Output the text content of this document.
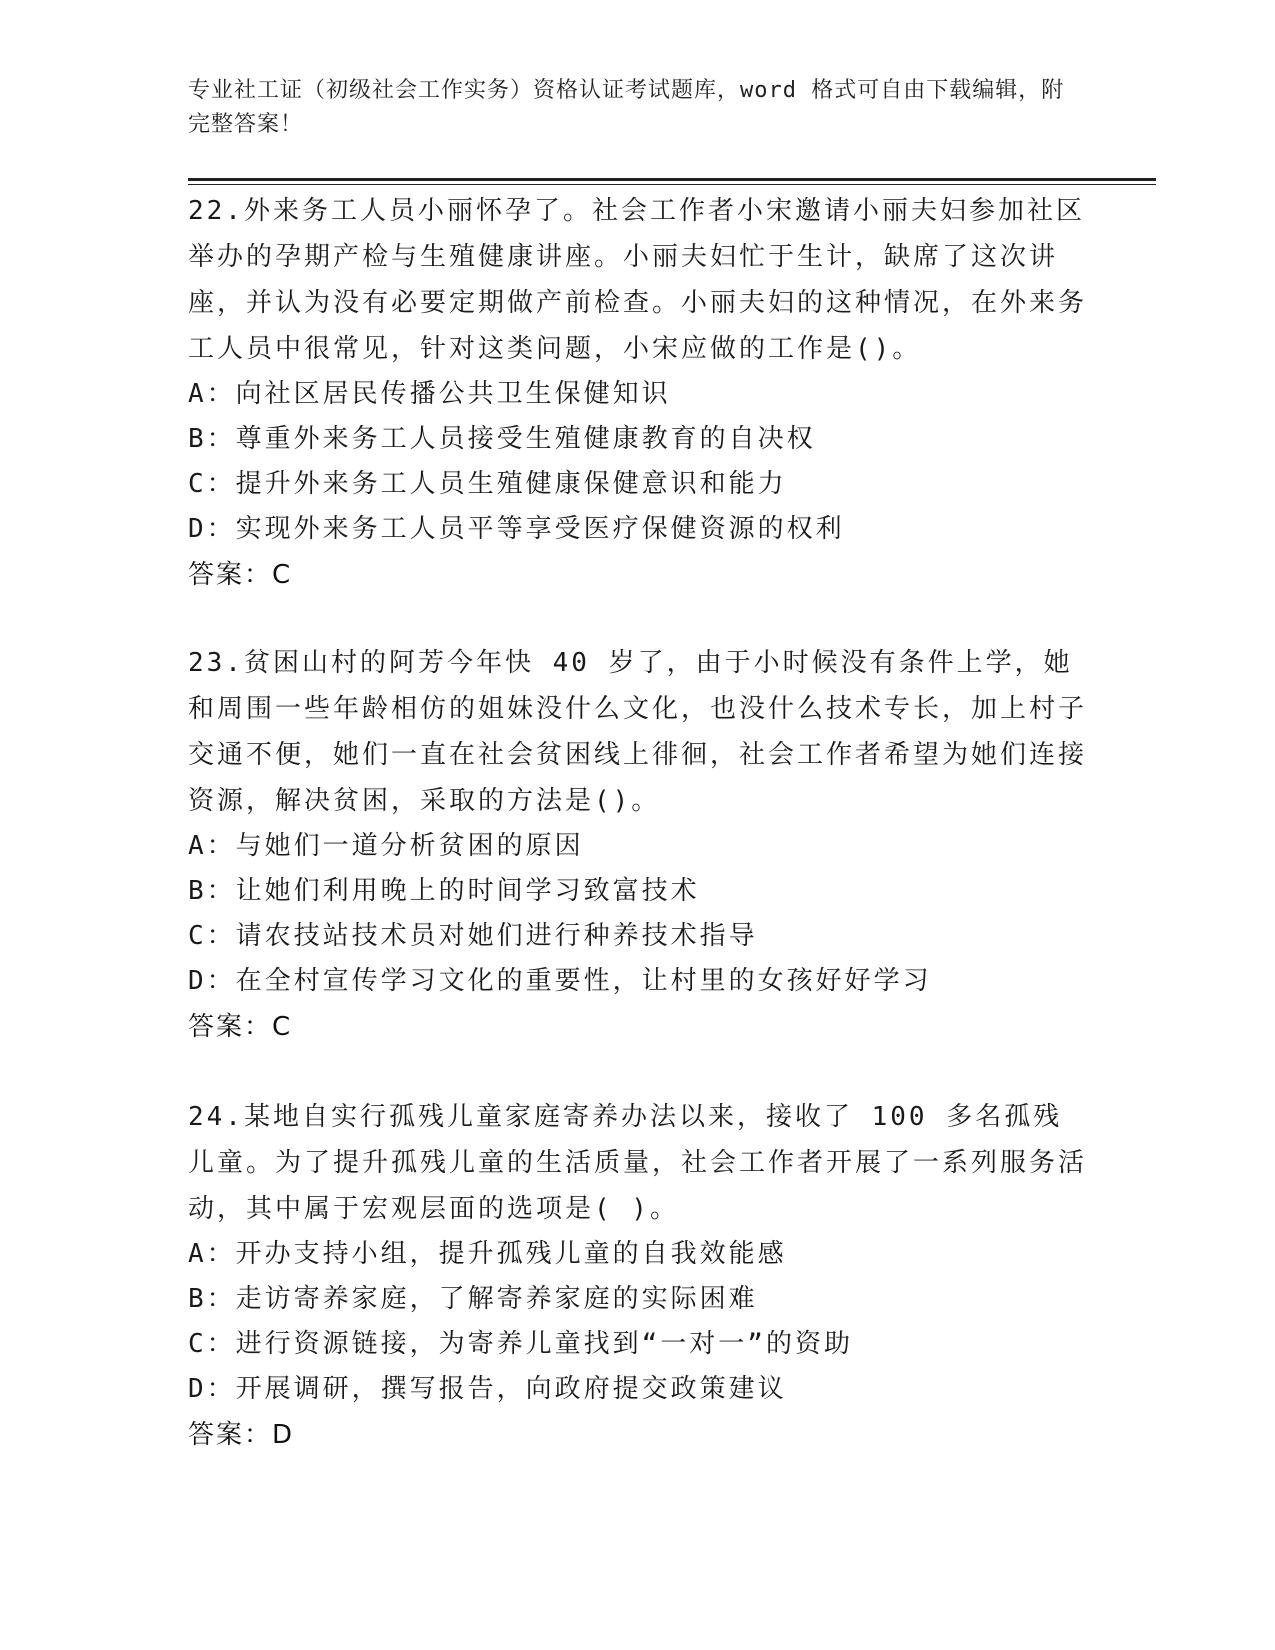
专业社工证（初级社会工作实务）资格认证考试题库，word 格式可自由下载编辑，附完整答案！

22.外来务工人员小丽怀孕了。社会工作者小宋邀请小丽夫妇参加社区举办的孕期产检与生殖健康讲座。小丽夫妇忙于生计，缺席了这次讲座，并认为没有必要定期做产前检查。小丽夫妇的这种情况，在外来务工人员中很常见，针对这类问题，小宋应做的工作是()。

A：向社区居民传播公共卫生保健知识

B：尊重外来务工人员接受生殖健康教育的自决权

C：提升外来务工人员生殖健康保健意识和能力

D：实现外来务工人员平等享受医疗保健资源的权利

答案：C

23.贫困山村的阿芳今年快 40 岁了，由于小时候没有条件上学，她和周围一些年龄相仿的姐妹没什么文化，也没什么技术专长，加上村子交通不便，她们一直在社会贫困线上徘徊，社会工作者希望为她们连接资源，解决贫困，采取的方法是()。

A：与她们一道分析贫困的原因

B：让她们利用晚上的时间学习致富技术

C：请农技站技术员对她们进行种养技术指导

D：在全村宣传学习文化的重要性，让村里的女孩好好学习

答案：C

24.某地自实行孤残儿童家庭寄养办法以来，接收了 100 多名孤残儿童。为了提升孤残儿童的生活质量，社会工作者开展了一系列服务活动，其中属于宏观层面的选项是( )。

A：开办支持小组，提升孤残儿童的自我效能感

B：走访寄养家庭，了解寄养家庭的实际困难

C：进行资源链接，为寄养儿童找到“一对一”的资助

D：开展调研，撰写报告，向政府提交政策建议

答案：D
